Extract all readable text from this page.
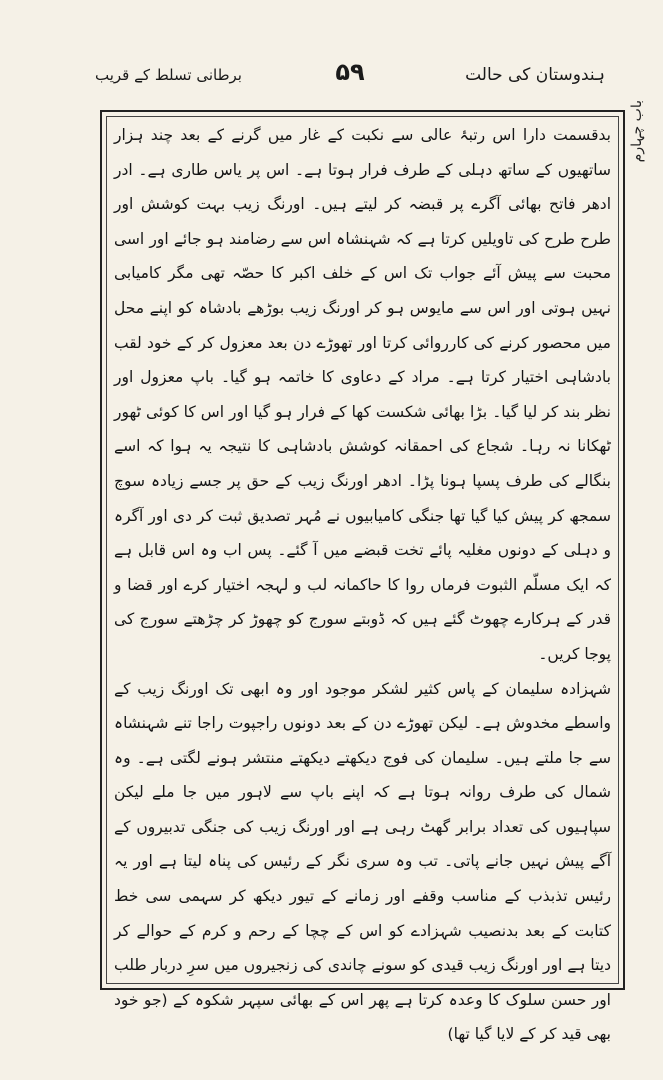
ہندوستان کی حالت
۵۹
برطانی تسلط کے قریب
باب چہارم

بدقسمت دارا اس رتبۂ عالی سے نکبت کے غار میں گرنے کے بعد چند ہزار ساتھیوں کے ساتھ دہلی کے طرف فرار ہوتا ہے۔ اس پر یاس طاری ہے۔ ادر ادھر فاتح بھائی آگرے پر قبضہ کر لیتے ہیں۔ اورنگ زیب بہت کوشش اور طرح طرح کی تاویلیں کرتا ہے کہ شہنشاہ اس سے رضامند ہو جائے اور اسی محبت سے پیش آئے جواب تک اس کے خلف اکبر کا حصّہ تھی مگر کامیابی نہیں ہوتی اور اس سے مایوس ہو کر اورنگ زیب بوڑھے بادشاہ کو اپنے محل میں محصور کرنے کی کارروائی کرتا اور تھوڑے دن بعد معزول کر کے خود لقب بادشاہی اختیار کرتا ہے۔ مراد کے دعاوی کا خاتمہ ہو گیا۔ باپ معزول اور نظر بند کر لیا گیا۔ بڑا بھائی شکست کھا کے فرار ہو گیا اور اس کا کوئی ٹھور ٹھکانا نہ رہا۔ شجاع کی احمقانہ کوشش بادشاہی کا نتیجہ یہ ہوا کہ اسے بنگالے کی طرف پسپا ہونا پڑا۔ ادھر اورنگ زیب کے حق پر جسے زیادہ سوچ سمجھ کر پیش کیا گیا تھا جنگی کامیابیوں نے مُہر تصدیق ثبت کر دی اور آگرہ و دہلی کے دونوں مغلیہ پائے تخت قبضے میں آ گئے۔ پس اب وہ اس قابل ہے کہ ایک مسلّم الثبوت فرماں روا کا حاکمانہ لب و لہجہ اختیار کرے اور قضا و قدر کے ہرکارے چھوٹ گئے ہیں کہ ڈوبتے سورج کو چھوڑ کر چڑھتے سورج کی پوجا کریں۔

شہزادہ سلیمان کے پاس کثیر لشکر موجود اور وہ ابھی تک اورنگ زیب کے واسطے مخدوش ہے۔ لیکن تھوڑے دن کے بعد دونوں راجپوت راجا تنے شہنشاہ سے جا ملتے ہیں۔ سلیمان کی فوج دیکھتے دیکھتے منتشر ہونے لگتی ہے۔ وہ شمال کی طرف روانہ ہوتا ہے کہ اپنے باپ سے لاہور میں جا ملے لیکن سپاہیوں کی تعداد برابر گھٹ رہی ہے اور اورنگ زیب کی جنگی تدبیروں کے آگے پیش نہیں جانے پاتی۔ تب وہ سری نگر کے رئیس کی پناہ لیتا ہے اور یہ رئیس تذبذب کے مناسب وقفے اور زمانے کے تیور دیکھ کر سہمی سی خط کتابت کے بعد بدنصیب شہزادے کو اس کے چچا کے رحم و کرم کے حوالے کر دیتا ہے اور اورنگ زیب قیدی کو سونے چاندی کی زنجیروں میں سرِ دربار طلب اور حسن سلوک کا وعدہ کرتا ہے پھر اس کے بھائی سپہر شکوہ کے (جو خود بھی قید کر کے لایا گیا تھا)
